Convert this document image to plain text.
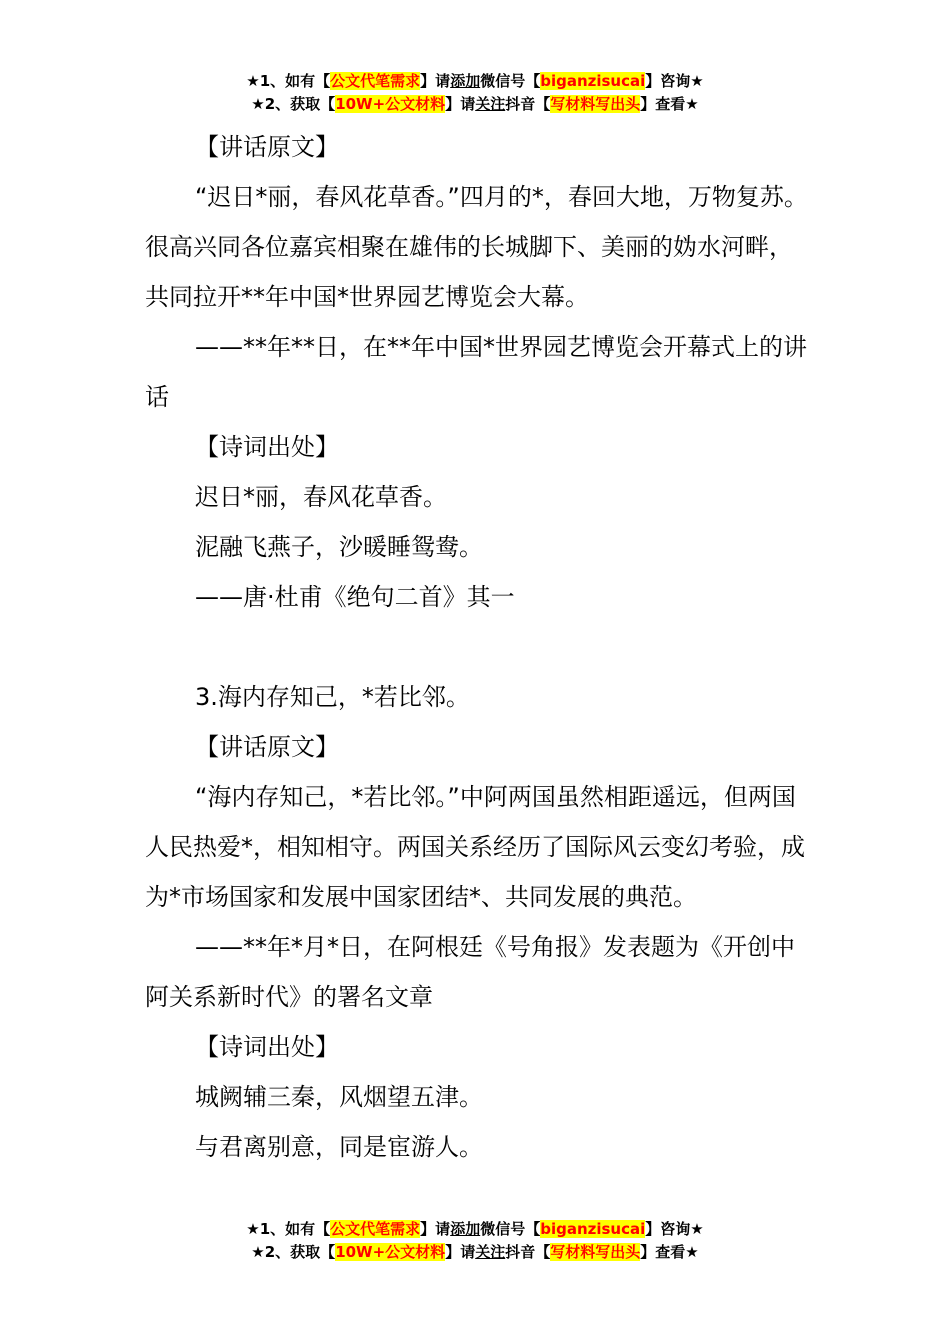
★1、如有【公文代笔需求】请添加微信号【biganzisucai】咨询★
★2、获取【10W+公文材料】请关注抖音【写材料写出头】查看★

【讲话原文】

“迟日*丽，春风花草香。”四月的*，春回大地，万物复苏。很高兴同各位嘉宾相聚在雄伟的长城脚下、美丽的妫水河畔，共同拉开**年中国*世界园艺博览会大幕。

——**年**日，在**年中国*世界园艺博览会开幕式上的讲话

【诗词出处】

迟日*丽，春风花草香。

泥融飞燕子，沙暖睡鸳鸯。

——唐·杜甫《绝句二首》其一

3.海内存知己，*若比邻。

【讲话原文】

“海内存知己，*若比邻。”中阿两国虽然相距遥远，但两国人民热爱*，相知相守。两国关系经历了国际风云变幻考验，成为*市场国家和发展中国家团结*、共同发展的典范。

——**年*月*日，在阿根廷《号角报》发表题为《开创中阿关系新时代》的署名文章

【诗词出处】

城阙辅三秦，风烟望五津。

与君离别意，同是宦游人。

★1、如有【公文代笔需求】请添加微信号【biganzisucai】咨询★
★2、获取【10W+公文材料】请关注抖音【写材料写出头】查看★
